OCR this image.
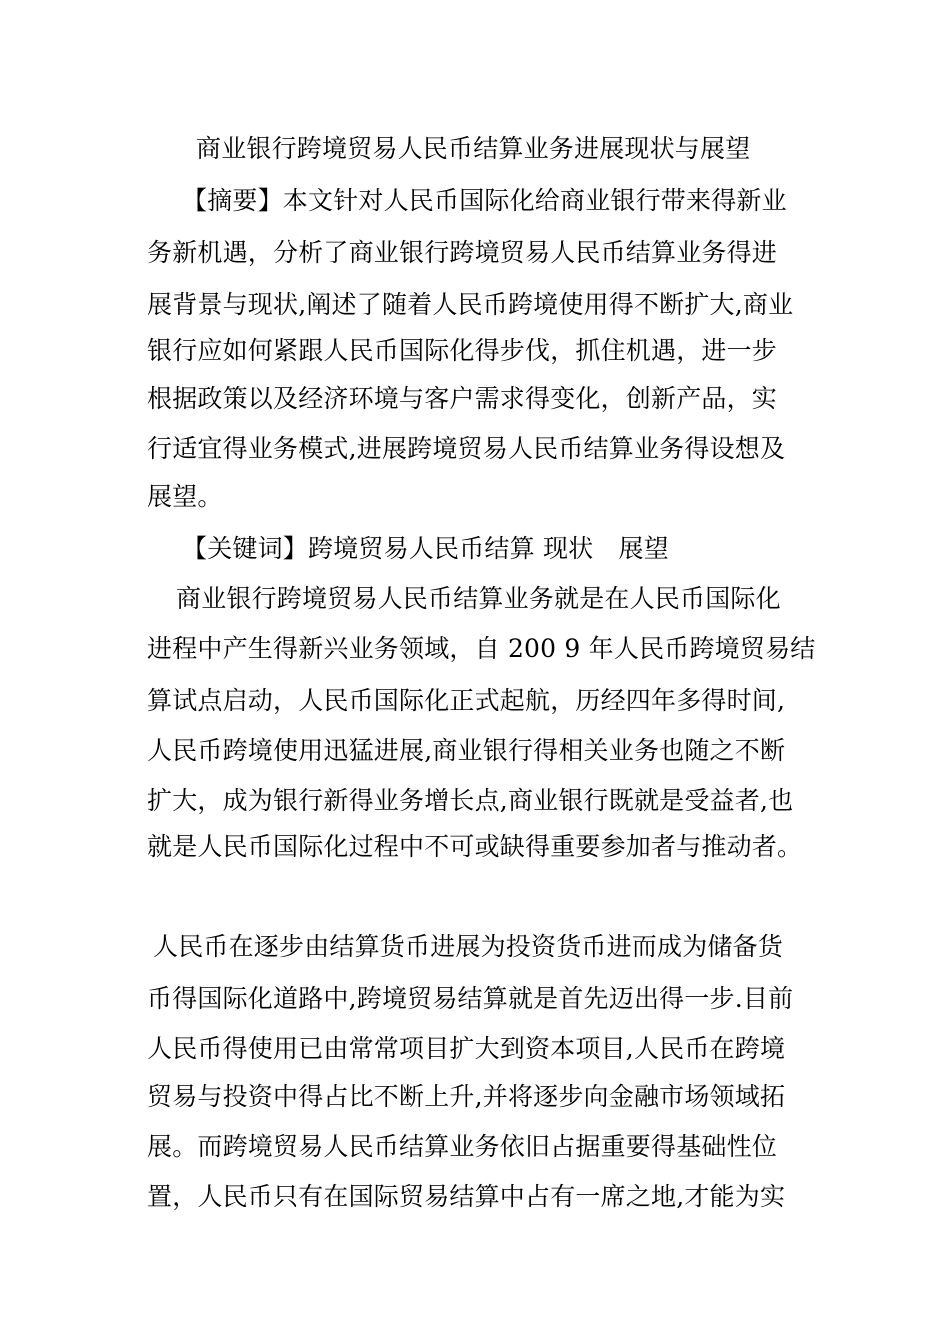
商业银行跨境贸易人民币结算业务进展现状与展望
【摘要】本文针对人民币国际化给商业银行带来得新业
务新机遇，分析了商业银行跨境贸易人民币结算业务得进
展背景与现状,阐述了随着人民币跨境使用得不断扩大,商业
银行应如何紧跟人民币国际化得步伐，抓住机遇，进一步
根据政策以及经济环境与客户需求得变化，创新产品，实
行适宜得业务模式,进展跨境贸易人民币结算业务得设想及
展望。
【关键词】跨境贸易人民币结算 现状　展望
商业银行跨境贸易人民币结算业务就是在人民币国际化
进程中产生得新兴业务领域，自 200 9 年人民币跨境贸易结
算试点启动，人民币国际化正式起航，历经四年多得时间,
人民币跨境使用迅猛进展,商业银行得相关业务也随之不断
扩大，成为银行新得业务增长点,商业银行既就是受益者,也
就是人民币国际化过程中不可或缺得重要参加者与推动者。
人民币在逐步由结算货币进展为投资货币进而成为储备货
币得国际化道路中,跨境贸易结算就是首先迈出得一步.目前
人民币得使用已由常常项目扩大到资本项目,人民币在跨境
贸易与投资中得占比不断上升,并将逐步向金融市场领域拓
展。而跨境贸易人民币结算业务依旧占据重要得基础性位
置，人民币只有在国际贸易结算中占有一席之地,才能为实
